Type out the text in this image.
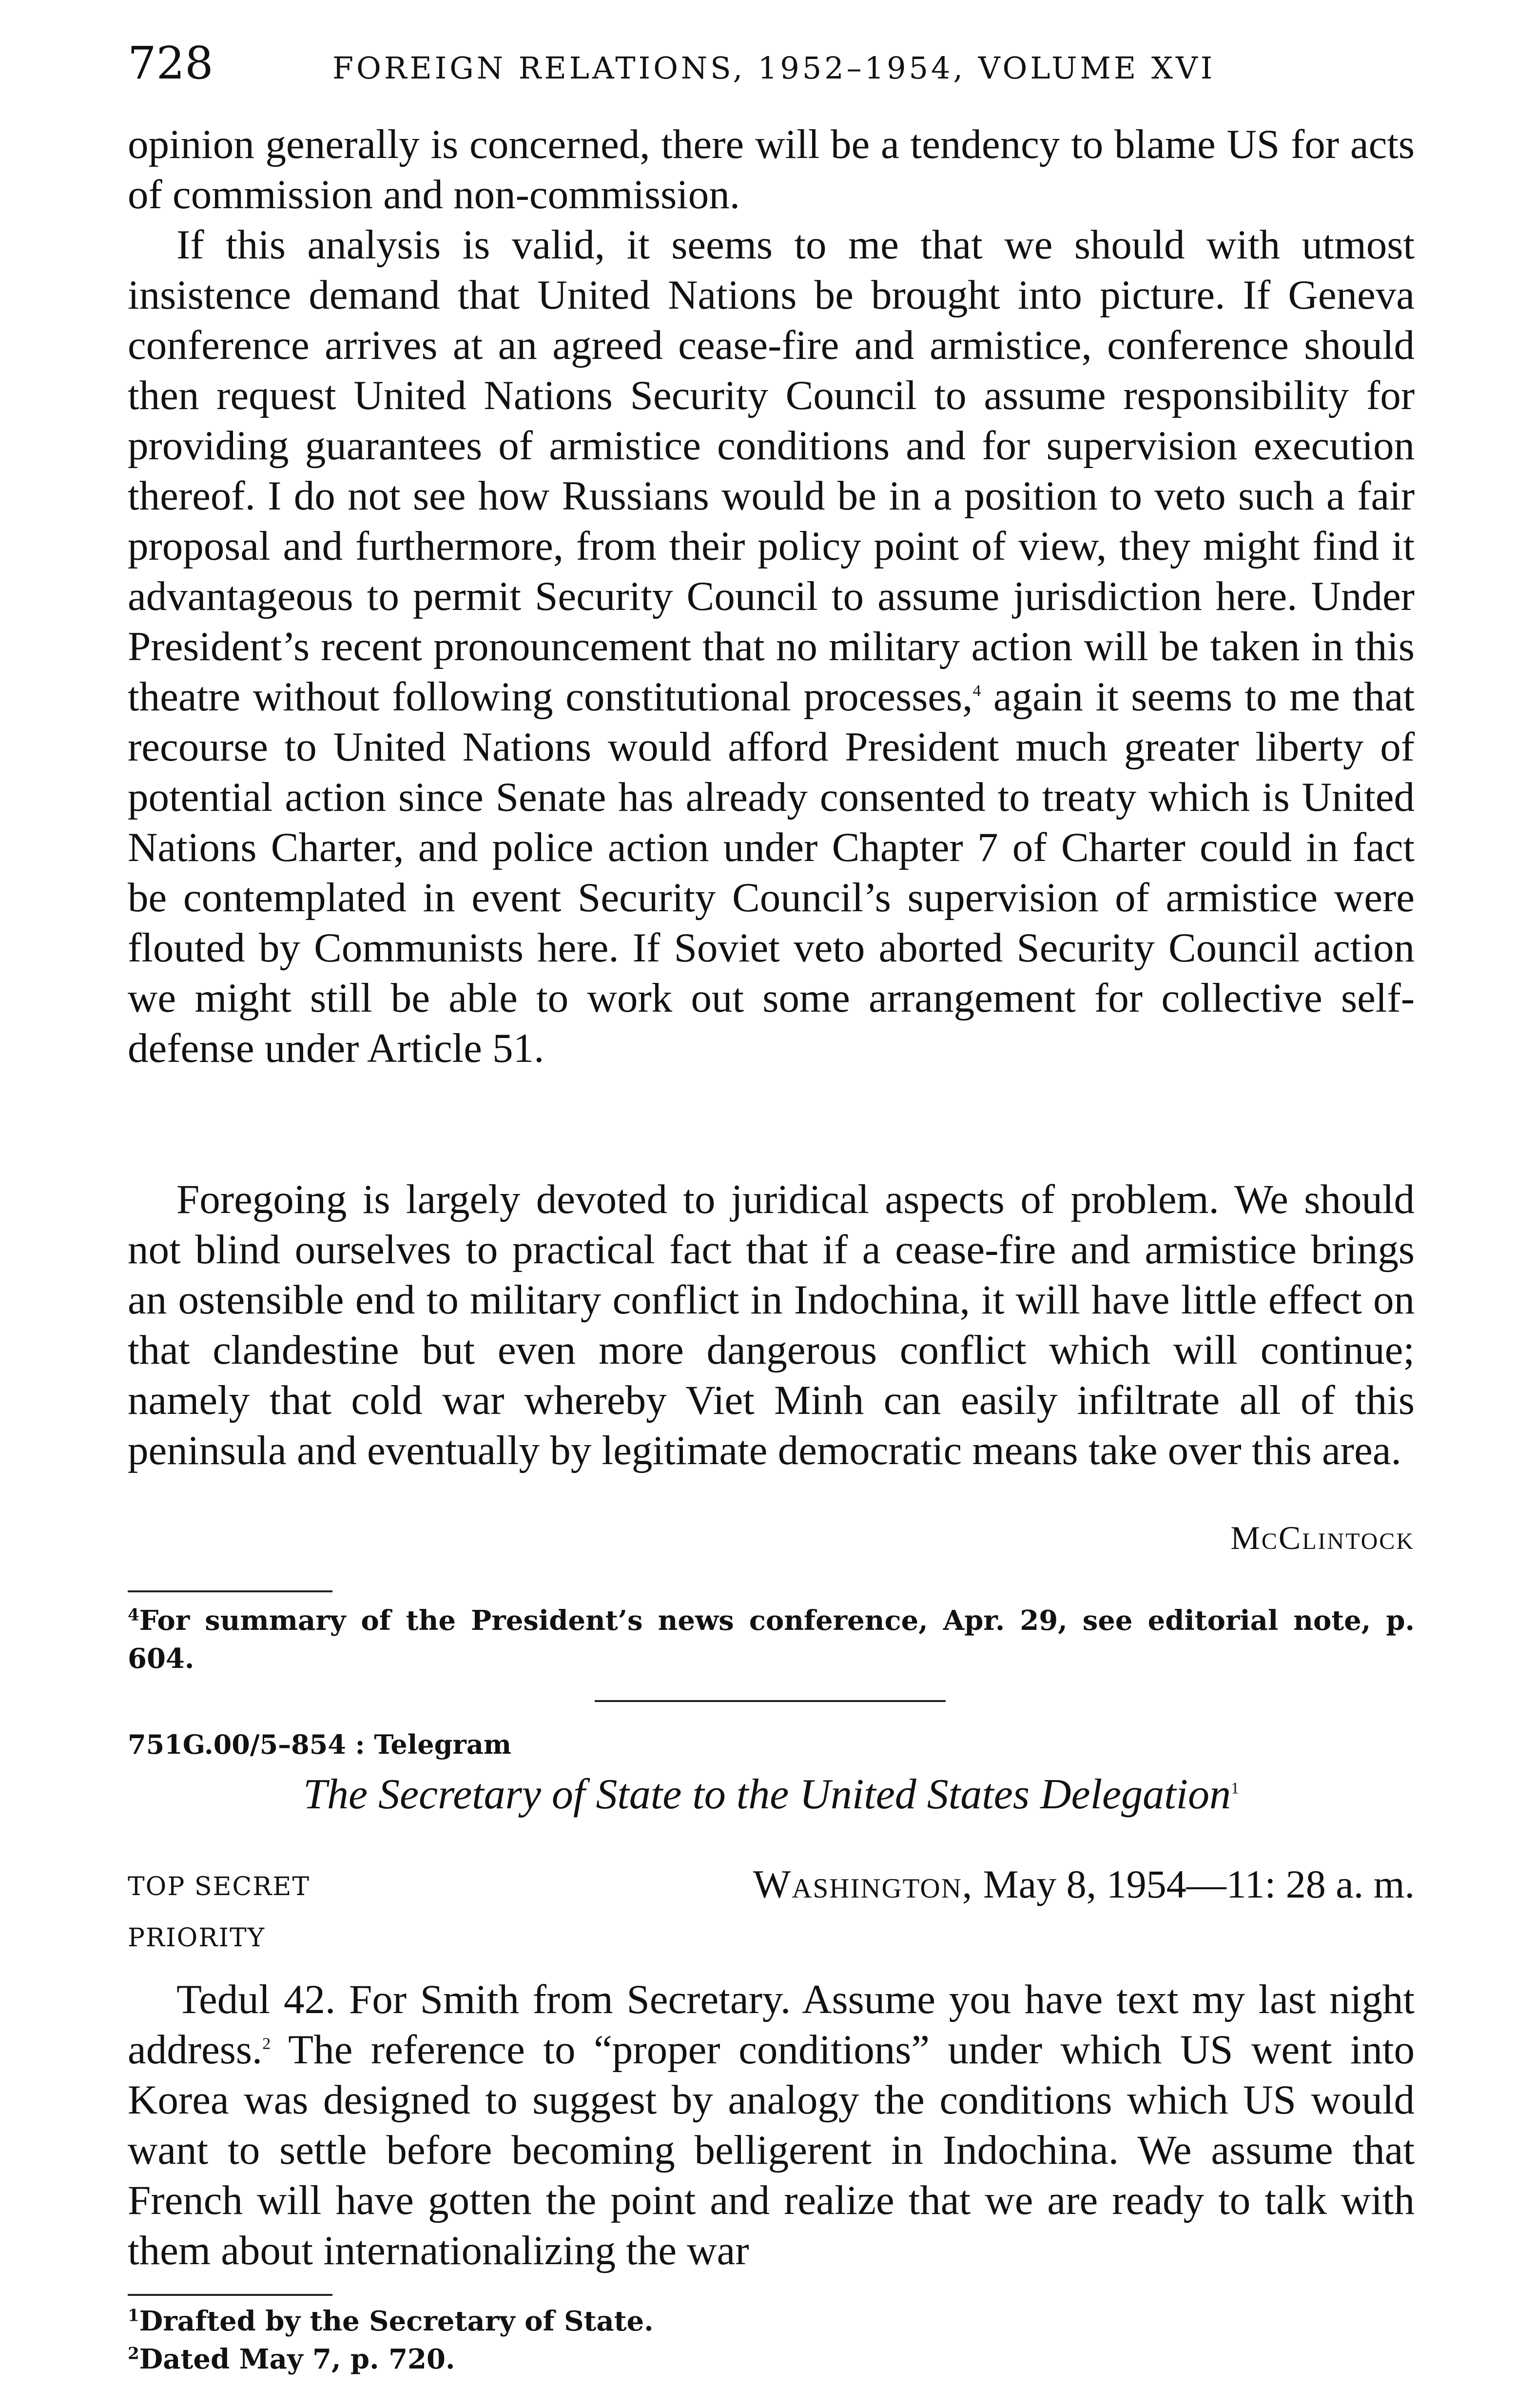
728	FOREIGN RELATIONS, 1952–1954, VOLUME XVI

opinion generally is concerned, there will be a tendency to blame US for acts of commission and non-commission.

If this analysis is valid, it seems to me that we should with utmost insistence demand that United Nations be brought into picture. If Geneva conference arrives at an agreed cease-fire and armistice, conference should then request United Nations Security Council to assume responsibility for providing guarantees of armistice conditions and for supervision execution thereof. I do not see how Russians would be in a position to veto such a fair proposal and furthermore, from their policy point of view, they might find it advantageous to permit Security Council to assume jurisdiction here. Under President’s recent pronouncement that no military action will be taken in this theatre without following constitutional processes,$^4$ again it seems to me that recourse to United Nations would afford President much greater liberty of potential action since Senate has already consented to treaty which is United Nations Charter, and police action under Chapter 7 of Charter could in fact be contemplated in event Security Council’s supervision of armistice were flouted by Communists here. If Soviet veto aborted Security Council action we might still be able to work out some arrangement for collective self-defense under Article 51.

Foregoing is largely devoted to juridical aspects of problem. We should not blind ourselves to practical fact that if a cease-fire and armistice brings an ostensible end to military conflict in Indochina, it will have little effect on that clandestine but even more dangerous conflict which will continue; namely that cold war whereby Viet Minh can easily infiltrate all of this peninsula and eventually by legitimate democratic means take over this area.

McClintock

$^4$For summary of the President’s news conference, Apr. 29, see editorial note, p. 604.

751G.00/5–854 : Telegram
The Secretary of State to the United States Delegation$^1$
TOP SECRET	Washington, May 8, 1954—11: 28 a. m.
PRIORITY

Tedul 42. For Smith from Secretary. Assume you have text my last night address.$^2$ The reference to “proper conditions” under which US went into Korea was designed to suggest by analogy the conditions which US would want to settle before becoming belligerent in Indochina. We assume that French will have gotten the point and realize that we are ready to talk with them about internationalizing the war

$^1$Drafted by the Secretary of State.

$^2$Dated May 7, p. 720.
